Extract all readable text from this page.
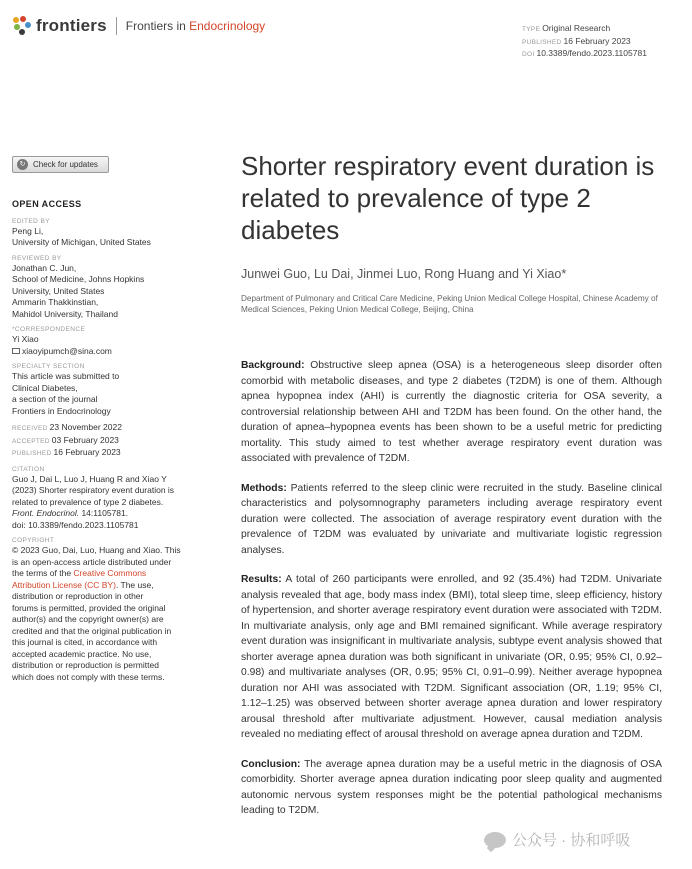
frontiers Frontiers in Endocrinology	TYPE Original Research
PUBLISHED 16 February 2023
DOI 10.3389/fendo.2023.1105781
↻ Check for updates
OPEN ACCESS
EDITED BY
Peng Li,
University of Michigan, United States
REVIEWED BY
Jonathan C. Jun,
School of Medicine, Johns Hopkins
University, United States
Ammarin Thakkinstian,
Mahidol University, Thailand
*CORRESPONDENCE
Yi Xiao
xiaoyipumch@sina.com
SPECIALTY SECTION
This article was submitted to
Clinical Diabetes,
a section of the journal
Frontiers in Endocrinology
RECEIVED 23 November 2022
ACCEPTED 03 February 2023
PUBLISHED 16 February 2023
CITATION
Guo J, Dai L, Luo J, Huang R and Xiao Y
(2023) Shorter respiratory event duration is
related to prevalence of type 2 diabetes.
Front. Endocrinol. 14:1105781.
doi: 10.3389/fendo.2023.1105781
COPYRIGHT
© 2023 Guo, Dai, Luo, Huang and Xiao. This
is an open-access article distributed under
the terms of the Creative Commons
Attribution License (CC BY). The use,
distribution or reproduction in other
forums is permitted, provided the original
author(s) and the copyright owner(s) are
credited and that the original publication in
this journal is cited, in accordance with
accepted academic practice. No use,
distribution or reproduction is permitted
which does not comply with these terms.
Shorter respiratory event duration is related to prevalence of type 2 diabetes

Junwei Guo, Lu Dai, Jinmei Luo, Rong Huang and Yi Xiao*

Department of Pulmonary and Critical Care Medicine, Peking Union Medical College Hospital, Chinese Academy of Medical Sciences, Peking Union Medical College, Beijing, China

Background: Obstructive sleep apnea (OSA) is a heterogeneous sleep disorder often comorbid with metabolic diseases, and type 2 diabetes (T2DM) is one of them. Although apnea hypopnea index (AHI) is currently the diagnostic criteria for OSA severity, a controversial relationship between AHI and T2DM has been found. On the other hand, the duration of apnea–hypopnea events has been shown to be a useful metric for predicting mortality. This study aimed to test whether average respiratory event duration was associated with prevalence of T2DM.

Methods: Patients referred to the sleep clinic were recruited in the study. Baseline clinical characteristics and polysomnography parameters including average respiratory event duration were collected. The association of average respiratory event duration with the prevalence of T2DM was evaluated by univariate and multivariate logistic regression analyses.

Results: A total of 260 participants were enrolled, and 92 (35.4%) had T2DM. Univariate analysis revealed that age, body mass index (BMI), total sleep time, sleep efficiency, history of hypertension, and shorter average respiratory event duration were associated with T2DM. In multivariate analysis, only age and BMI remained significant. While average respiratory event duration was insignificant in multivariate analysis, subtype event analysis showed that shorter average apnea duration was both significant in univariate (OR, 0.95; 95% CI, 0.92–0.98) and multivariate analyses (OR, 0.95; 95% CI, 0.91–0.99). Neither average hypopnea duration nor AHI was associated with T2DM. Significant association (OR, 1.19; 95% CI, 1.12–1.25) was observed between shorter average apnea duration and lower respiratory arousal threshold after multivariate adjustment. However, causal mediation analysis revealed no mediating effect of arousal threshold on average apnea duration and T2DM.

Conclusion: The average apnea duration may be a useful metric in the diagnosis of OSA comorbidity. Shorter average apnea duration indicating poor sleep quality and augmented autonomic nervous system responses might be the potential pathological mechanisms leading to T2DM.

公众号 · 协和呼吸
